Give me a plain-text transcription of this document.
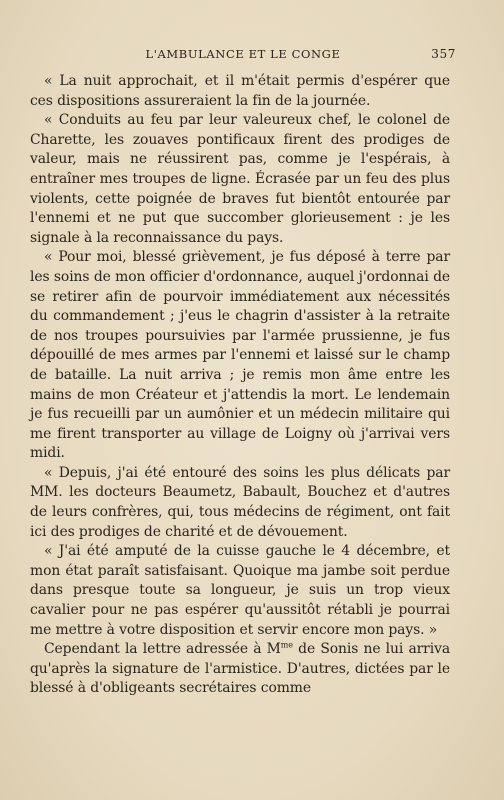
L'AMBULANCE ET LE CONGE	357

« La nuit approchait, et il m'était permis d'espérer que ces dispositions assureraient la fin de la journée.

« Conduits au feu par leur valeureux chef, le colonel de Charette, les zouaves pontificaux firent des prodiges de valeur, mais ne réussirent pas, comme je l'espérais, à entraîner mes troupes de ligne. Écrasée par un feu des plus violents, cette poignée de braves fut bientôt entourée par l'ennemi et ne put que succomber glorieusement : je les signale à la reconnaissance du pays.

« Pour moi, blessé grièvement, je fus déposé à terre par les soins de mon officier d'ordonnance, auquel j'ordonnai de se retirer afin de pourvoir immédiatement aux nécessités du commandement ; j'eus le chagrin d'assister à la retraite de nos troupes poursuivies par l'armée prussienne, je fus dépouillé de mes armes par l'ennemi et laissé sur le champ de bataille. La nuit arriva ; je remis mon âme entre les mains de mon Créateur et j'attendis la mort. Le lendemain je fus recueilli par un aumônier et un médecin militaire qui me firent transporter au village de Loigny où j'arrivai vers midi.

« Depuis, j'ai été entouré des soins les plus délicats par MM. les docteurs Beaumetz, Babault, Bouchez et d'autres de leurs confrères, qui, tous médecins de régiment, ont fait ici des prodiges de charité et de dévouement.

« J'ai été amputé de la cuisse gauche le 4 décembre, et mon état paraît satisfaisant. Quoique ma jambe soit perdue dans presque toute sa longueur, je suis un trop vieux cavalier pour ne pas espérer qu'aussitôt rétabli je pourrai me mettre à votre disposition et servir encore mon pays. »

Cependant la lettre adressée à $M^{me}$ de Sonis ne lui arriva qu'après la signature de l'armistice. D'autres, dictées par le blessé à d'obligeants secrétaires comme
